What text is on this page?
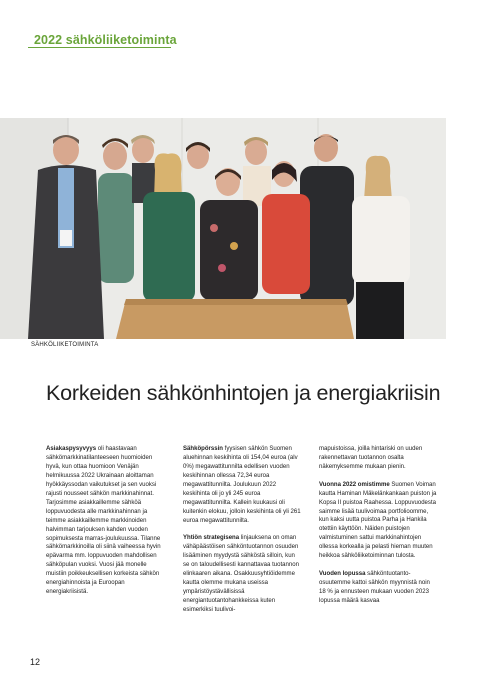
2022 sähköliiketoiminta
SÄHKÖLIIKETOIMINTA
Korkeiden sähkönhintojen ja energiakriisin

Asiakaspysyvyys oli haastavaan sähkömarkkinatilanteeseen huomioiden hyvä, kun ottaa huomioon Venäjän helmikuussa 2022 Ukrainaan aloittaman hyökkäyssodan vaikutukset ja sen vuoksi rajusti nousseet sähkön markkinahinnat. Tarjosimme asiakkaillemme sähköä loppuvuodesta alle markkinahinnan ja teimme asiakkaillemme markkinoiden halvimman tarjouksen kahden vuoden sopimuksesta marras-joulukuussa. Tilanne sähkömarkkinoilla oli siinä vaiheessa hyvin epävarma mm. loppuvuoden mahdollisen sähköpulan vuoksi. Vuosi jää monelle muistiin poikkeuksellisen korkeista sähkön energiahinnoista ja Euroopan energiakriisistä.

Sähköpörssin fyysisen sähkön Suomen aluehinnan keskihinta oli 154,04 euroa (alv 0%) megawattitunnilta edellisen vuoden keskihinnan ollessa 72,34 euroa megawattitunnilta. Joulukuun 2022 keskihinta oli jo yli 245 euroa megawattitunnilta. Kallein kuukausi oli kuitenkin elokuu, jolloin keskihinta oli yli 261 euroa megawattitunnilta.

Yhtiön strategisena linjauksena on oman vähäpäästöisen sähköntuotannon osuuden lisääminen myydystä sähköstä silloin, kun se on taloudellisesti kannattavaa tuotannon elinkaaren aikana. Osakkuusyhtiöidemme kautta olemme mukana useissa ympäristöystävällisissä energiantuotantohankkeissa kuten esimerkiksi tuulivoi-

mapuistoissa, joilla hintariski on uuden rakennettavan tuotannon osalta näkemyksemme mukaan pienin.

Vuonna 2022 omistimme Suomen Voiman kautta Haminan Mäkelänkankaan puiston ja Kopsa II puistoa Raahessa. Loppuvuodesta saimme lisää tuulivoimaa portfolioomme, kun kaksi uutta puistoa Parha ja Hankila otettiin käyttöön. Näiden puistojen valmistuminen sattui markkinahintojen ollessa korkealla ja pelasti hieman muuten heikkoa sähköliiketoiminnan tulosta.

Vuoden lopussa sähköntuotanto-osuutemme kattoi sähkön myynnistä noin 18 % ja ennusteen mukaan vuoden 2023 lopussa määrä kasvaa

12
